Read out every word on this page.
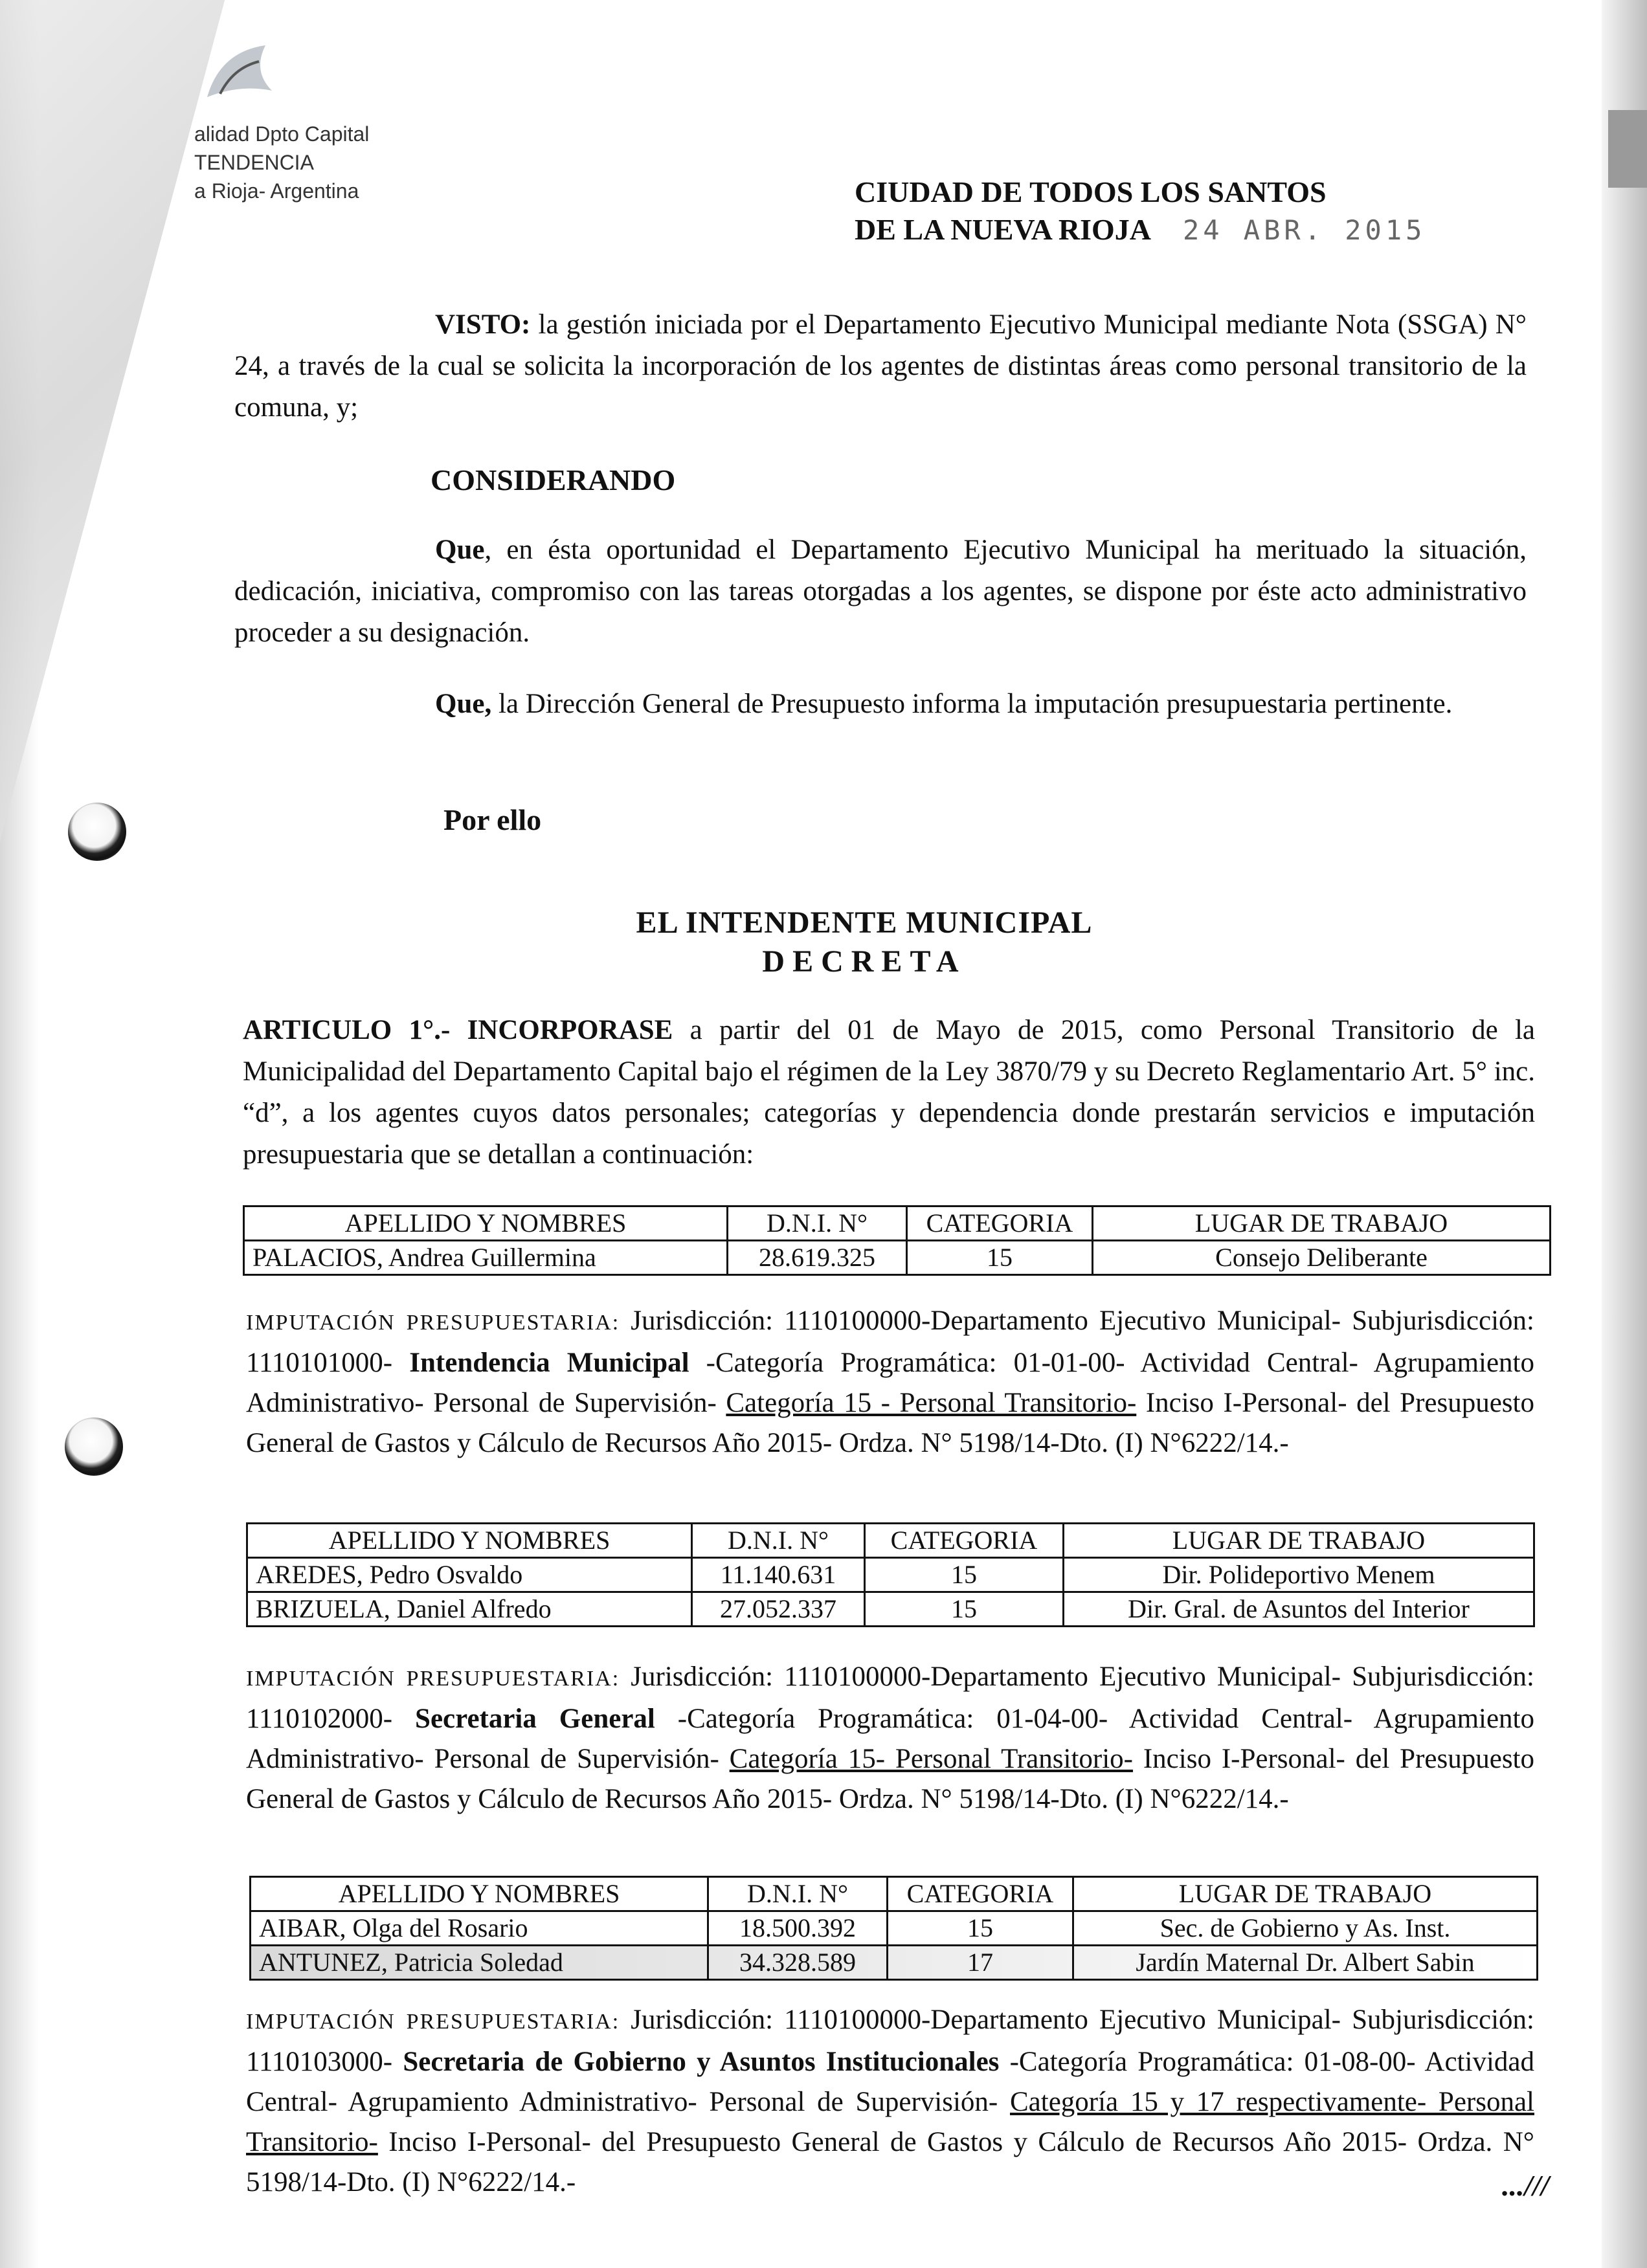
alidad Dpto Capital
TENDENCIA
a Rioja- Argentina	CIUDAD DE TODOS LOS SANTOS
DE LA NUEVA RIOJA 24 ABR. 2015
VISTO: la gestión iniciada por el Departamento Ejecutivo Municipal mediante Nota (SSGA) N° 24, a través de la cual se solicita la incorporación de los agentes de distintas áreas como personal transitorio de la comuna, y;
CONSIDERANDO
Que, en ésta oportunidad el Departamento Ejecutivo Municipal ha merituado la situación, dedicación, iniciativa, compromiso con las tareas otorgadas a los agentes, se dispone por éste acto administrativo proceder a su designación.
Que, la Dirección General de Presupuesto informa la imputación presupuestaria pertinente.
Por ello
EL INTENDENTE MUNICIPAL
DECRETA
ARTICULO 1°.- INCORPORASE a partir del 01 de Mayo de 2015, como Personal Transitorio de la Municipalidad del Departamento Capital bajo el régimen de la Ley 3870/79 y su Decreto Reglamentario Art. 5° inc. “d”, a los agentes cuyos datos personales; categorías y dependencia donde prestarán servicios e imputación presupuestaria que se detallan a continuación:
APELLIDO Y NOMBRES	D.N.I. N°	CATEGORIA	LUGAR DE TRABAJO
PALACIOS, Andrea Guillermina	28.619.325	15	Consejo Deliberante
IMPUTACIÓN PRESUPUESTARIA: Jurisdicción: 1110100000-Departamento Ejecutivo Municipal- Subjurisdicción: 1110101000- Intendencia Municipal -Categoría Programática: 01-01-00- Actividad Central- Agrupamiento Administrativo- Personal de Supervisión- Categoría 15 - Personal Transitorio- Inciso I-Personal- del Presupuesto General de Gastos y Cálculo de Recursos Año 2015- Ordza. N° 5198/14-Dto. (I) N°6222/14.-
APELLIDO Y NOMBRES	D.N.I. N°	CATEGORIA	LUGAR DE TRABAJO
AREDES, Pedro Osvaldo	11.140.631	15	Dir. Polideportivo Menem
BRIZUELA, Daniel Alfredo	27.052.337	15	Dir. Gral. de Asuntos del Interior
IMPUTACIÓN PRESUPUESTARIA: Jurisdicción: 1110100000-Departamento Ejecutivo Municipal- Subjurisdicción: 1110102000- Secretaria General -Categoría Programática: 01-04-00- Actividad Central- Agrupamiento Administrativo- Personal de Supervisión- Categoría 15- Personal Transitorio- Inciso I-Personal- del Presupuesto General de Gastos y Cálculo de Recursos Año 2015- Ordza. N° 5198/14-Dto. (I) N°6222/14.-
APELLIDO Y NOMBRES	D.N.I. N°	CATEGORIA	LUGAR DE TRABAJO
AIBAR, Olga del Rosario	18.500.392	15	Sec. de Gobierno y As. Inst.
ANTUNEZ, Patricia Soledad	34.328.589	17	Jardín Maternal Dr. Albert Sabin
IMPUTACIÓN PRESUPUESTARIA: Jurisdicción: 1110100000-Departamento Ejecutivo Municipal- Subjurisdicción: 1110103000- Secretaria de Gobierno y Asuntos Institucionales -Categoría Programática: 01-08-00- Actividad Central- Agrupamiento Administrativo- Personal de Supervisión- Categoría 15 y 17 respectivamente- Personal Transitorio- Inciso I-Personal- del Presupuesto General de Gastos y Cálculo de Recursos Año 2015- Ordza. N° 5198/14-Dto. (I) N°6222/14.-	...///
